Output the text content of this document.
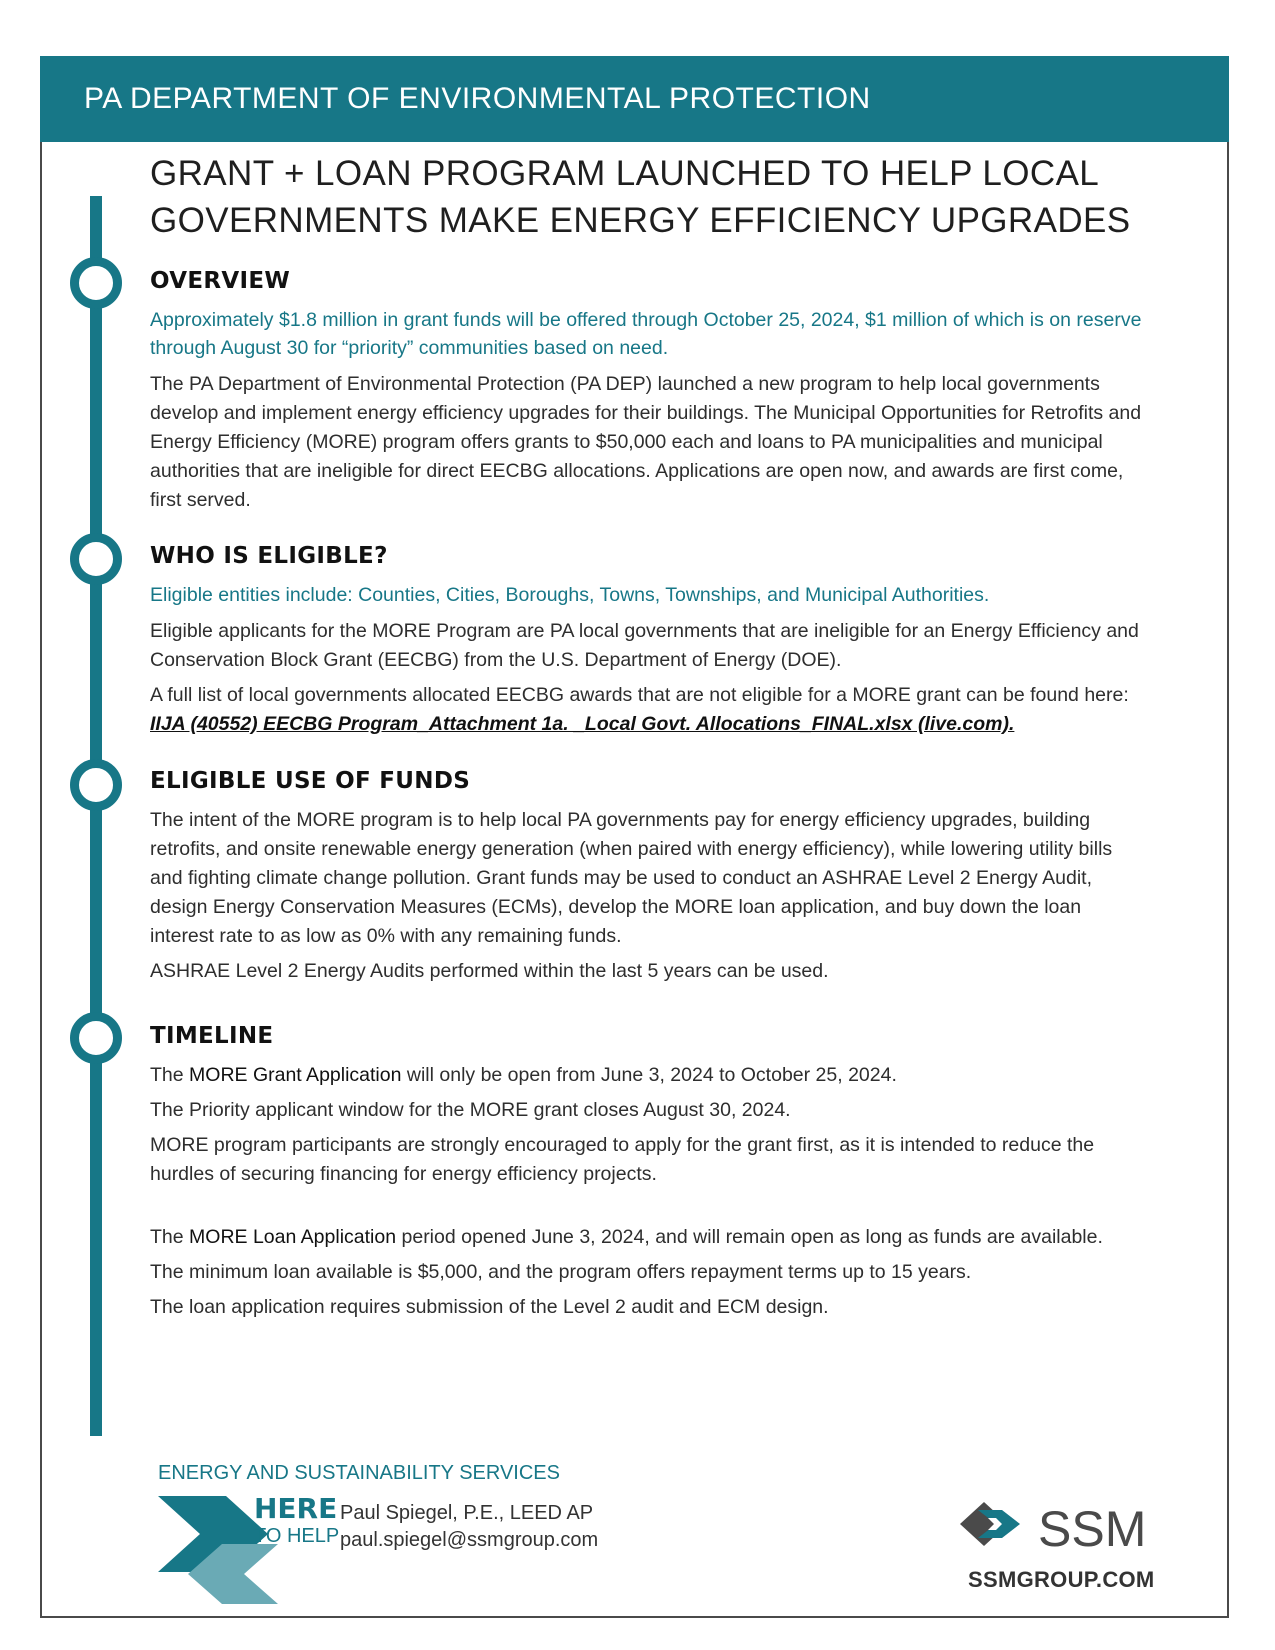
PA DEPARTMENT OF ENVIRONMENTAL PROTECTION
GRANT + LOAN PROGRAM LAUNCHED TO HELP LOCAL
GOVERNMENTS MAKE ENERGY EFFICIENCY UPGRADES
OVERVIEW
Approximately $1.8 million in grant funds will be offered through October 25, 2024, $1 million of which is on reserve through August 30 for “priority” communities based on need.
The PA Department of Environmental Protection (PA DEP) launched a new program to help local governments develop and implement energy efficiency upgrades for their buildings. The Municipal Opportunities for Retrofits and Energy Efficiency (MORE) program offers grants to $50,000 each and loans to PA municipalities and municipal authorities that are ineligible for direct EECBG allocations. Applications are open now, and awards are first come, first served.
WHO IS ELIGIBLE?
Eligible entities include: Counties, Cities, Boroughs, Towns, Townships, and Municipal Authorities.
Eligible applicants for the MORE Program are PA local governments that are ineligible for an Energy Efficiency and Conservation Block Grant (EECBG) from the U.S. Department of Energy (DOE).
A full list of local governments allocated EECBG awards that are not eligible for a MORE grant can be found here: IIJA (40552) EECBG Program_Attachment 1a. _Local Govt. Allocations_FINAL.xlsx (live.com).
ELIGIBLE USE OF FUNDS
The intent of the MORE program is to help local PA governments pay for energy efficiency upgrades, building retrofits, and onsite renewable energy generation (when paired with energy efficiency), while lowering utility bills and fighting climate change pollution. Grant funds may be used to conduct an ASHRAE Level 2 Energy Audit, design Energy Conservation Measures (ECMs), develop the MORE loan application, and buy down the loan interest rate to as low as 0% with any remaining funds.
ASHRAE Level 2 Energy Audits performed within the last 5 years can be used.
TIMELINE
The MORE Grant Application will only be open from June 3, 2024 to October 25, 2024.
The Priority applicant window for the MORE grant closes August 30, 2024.
MORE program participants are strongly encouraged to apply for the grant first, as it is intended to reduce the hurdles of securing financing for energy efficiency projects.
The MORE Loan Application period opened June 3, 2024, and will remain open as long as funds are available.
The minimum loan available is $5,000, and the program offers repayment terms up to 15 years.
The loan application requires submission of the Level 2 audit and ECM design.
ENERGY AND SUSTAINABILITY SERVICES
HERE
TO HELP
Paul Spiegel, P.E., LEED AP
paul.spiegel@ssmgroup.com	SSM
SSMGROUP.COM
